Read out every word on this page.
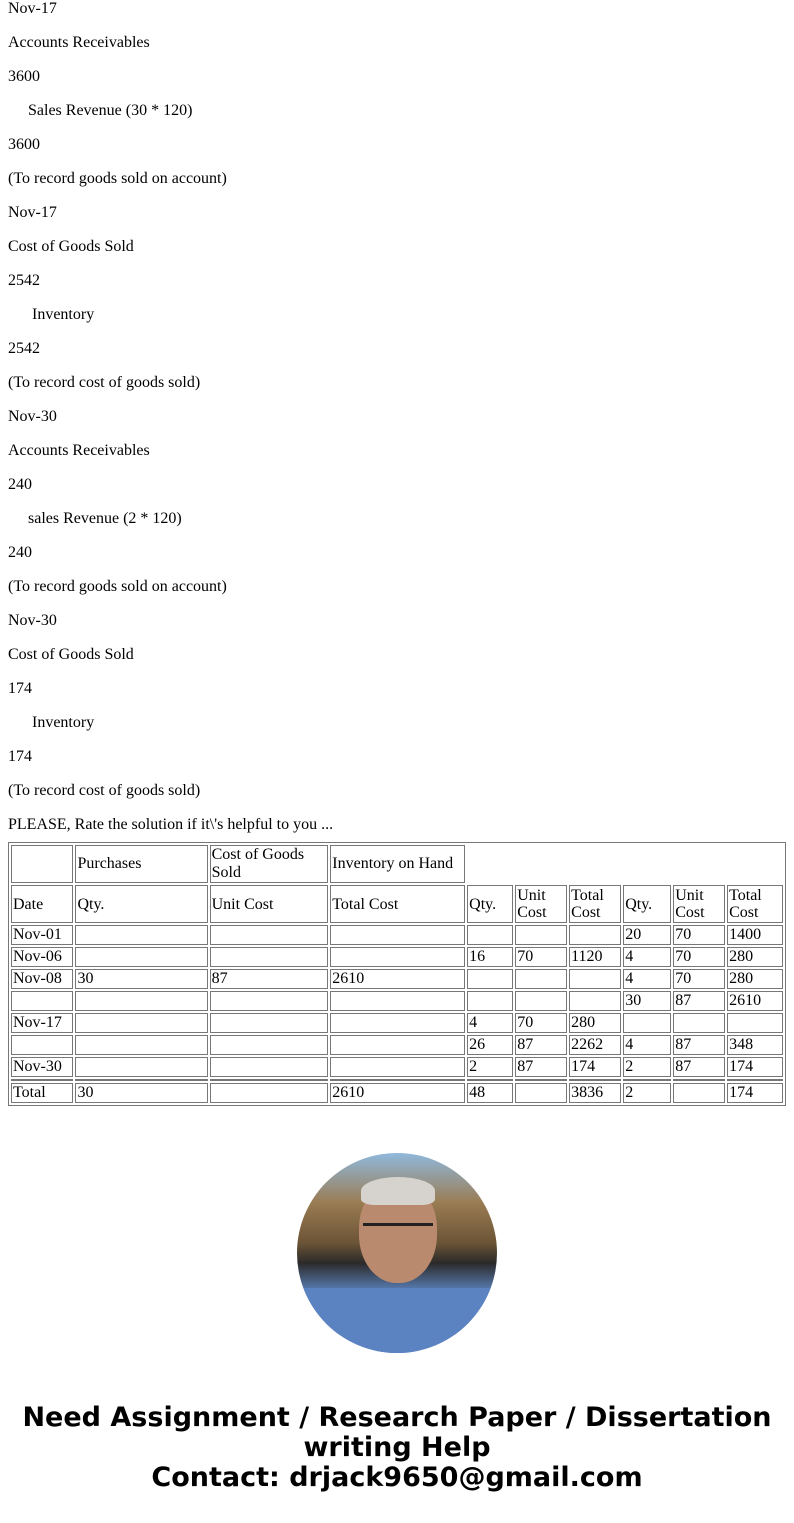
Nov-17

Accounts Receivables

3600

Sales Revenue (30 * 120)

3600

(To record goods sold on account)

Nov-17

Cost of Goods Sold

2542

Inventory

2542

(To record cost of goods sold)

Nov-30

Accounts Receivables

240

sales Revenue (2 * 120)

240

(To record goods sold on account)

Nov-30

Cost of Goods Sold

174

Inventory

174

(To record cost of goods sold)

PLEASE, Rate the solution if it\'s helpful to you ...

	Purchases	Cost of Goods Sold	Inventory on Hand						
Date	Qty.	Unit Cost	Total Cost	Qty.	Unit Cost	Total Cost	Qty.	Unit Cost	Total Cost
Nov-01							20	70	1400
Nov-06				16	70	1120	4	70	280
Nov-08	30	87	2610				4	70	280
							30	87	2610
Nov-17				4	70	280			
				26	87	2262	4	87	348
Nov-30				2	87	174	2	87	174

Total	30		2610	48		3836	2		174
Need Assignment / Research Paper / Dissertation writing Help
Contact: drjack9650@gmail.com
